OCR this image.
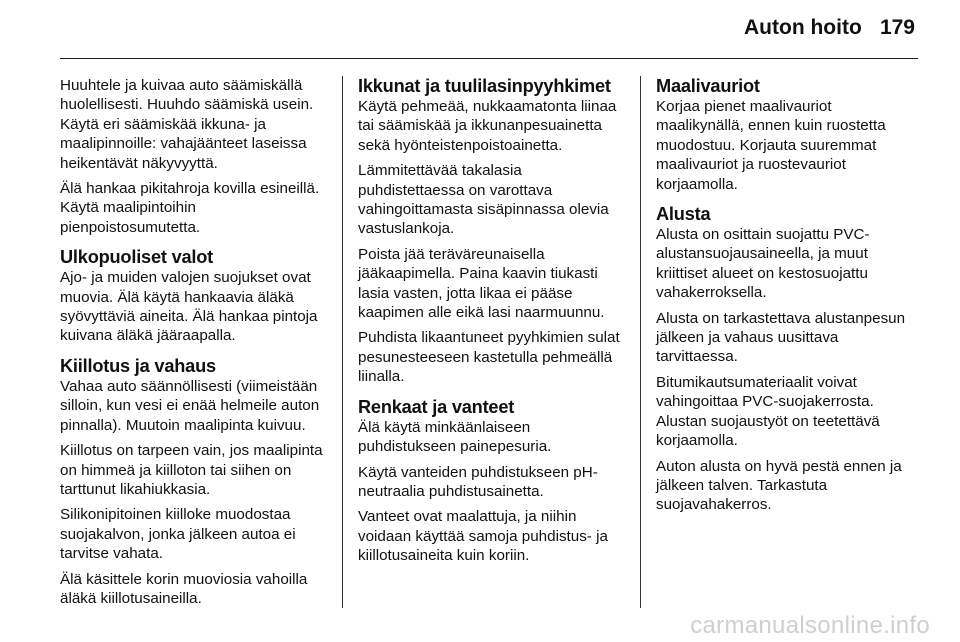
Auton hoito 179

Huuhtele ja kuivaa auto säämiskällä huolellisesti. Huuhdo säämiskä usein. Käytä eri säämiskää ikkuna- ja maalipinnoille: vahajäänteet laseissa heikentävät näkyvyyttä.

Älä hankaa pikitahroja kovilla esineillä. Käytä maalipintoihin pienpoistosumutetta.

Ulkopuoliset valot

Ajo- ja muiden valojen suojukset ovat muovia. Älä käytä hankaavia äläkä syövyttäviä aineita. Älä hankaa pintoja kuivana äläkä jääraapalla.

Kiillotus ja vahaus

Vahaa auto säännöllisesti (viimeistään silloin, kun vesi ei enää helmeile auton pinnalla). Muutoin maalipinta kuivuu.

Kiillotus on tarpeen vain, jos maalipinta on himmeä ja kiilloton tai siihen on tarttunut likahiukkasia.

Silikonipitoinen kiilloke muodostaa suojakalvon, jonka jälkeen autoa ei tarvitse vahata.

Älä käsittele korin muoviosia vahoilla äläkä kiillotusaineilla.

Ikkunat ja tuulilasinpyyhkimet

Käytä pehmeää, nukkaamatonta liinaa tai säämiskää ja ikkunanpesuainetta sekä hyönteistenpoistoainetta.

Lämmitettävää takalasia puhdistettaessa on varottava vahingoittamasta sisäpinnassa olevia vastuslankoja.

Poista jää teräväreunaisella jääkaapimella. Paina kaavin tiukasti lasia vasten, jotta likaa ei pääse kaapimen alle eikä lasi naarmuunnu.

Puhdista likaantuneet pyyhkimien sulat pesunesteeseen kastetulla pehmeällä liinalla.

Renkaat ja vanteet

Älä käytä minkäänlaiseen puhdistukseen painepesuria.

Käytä vanteiden puhdistukseen pH-neutraalia puhdistusainetta.

Vanteet ovat maalattuja, ja niihin voidaan käyttää samoja puhdistus- ja kiillotusaineita kuin koriin.

Maalivauriot

Korjaa pienet maalivauriot maalikynällä, ennen kuin ruostetta muodostuu. Korjauta suuremmat maalivauriot ja ruostevauriot korjaamolla.

Alusta

Alusta on osittain suojattu PVC-alustansuojausaineella, ja muut kriittiset alueet on kestosuojattu vahakerroksella.

Alusta on tarkastettava alustanpesun jälkeen ja vahaus uusittava tarvittaessa.

Bitumikautsumateriaalit voivat vahingoittaa PVC-suojakerrosta. Alustan suojaustyöt on teetettävä korjaamolla.

Auton alusta on hyvä pestä ennen ja jälkeen talven. Tarkastuta suojavahakerros.

carmanualsonline.info
